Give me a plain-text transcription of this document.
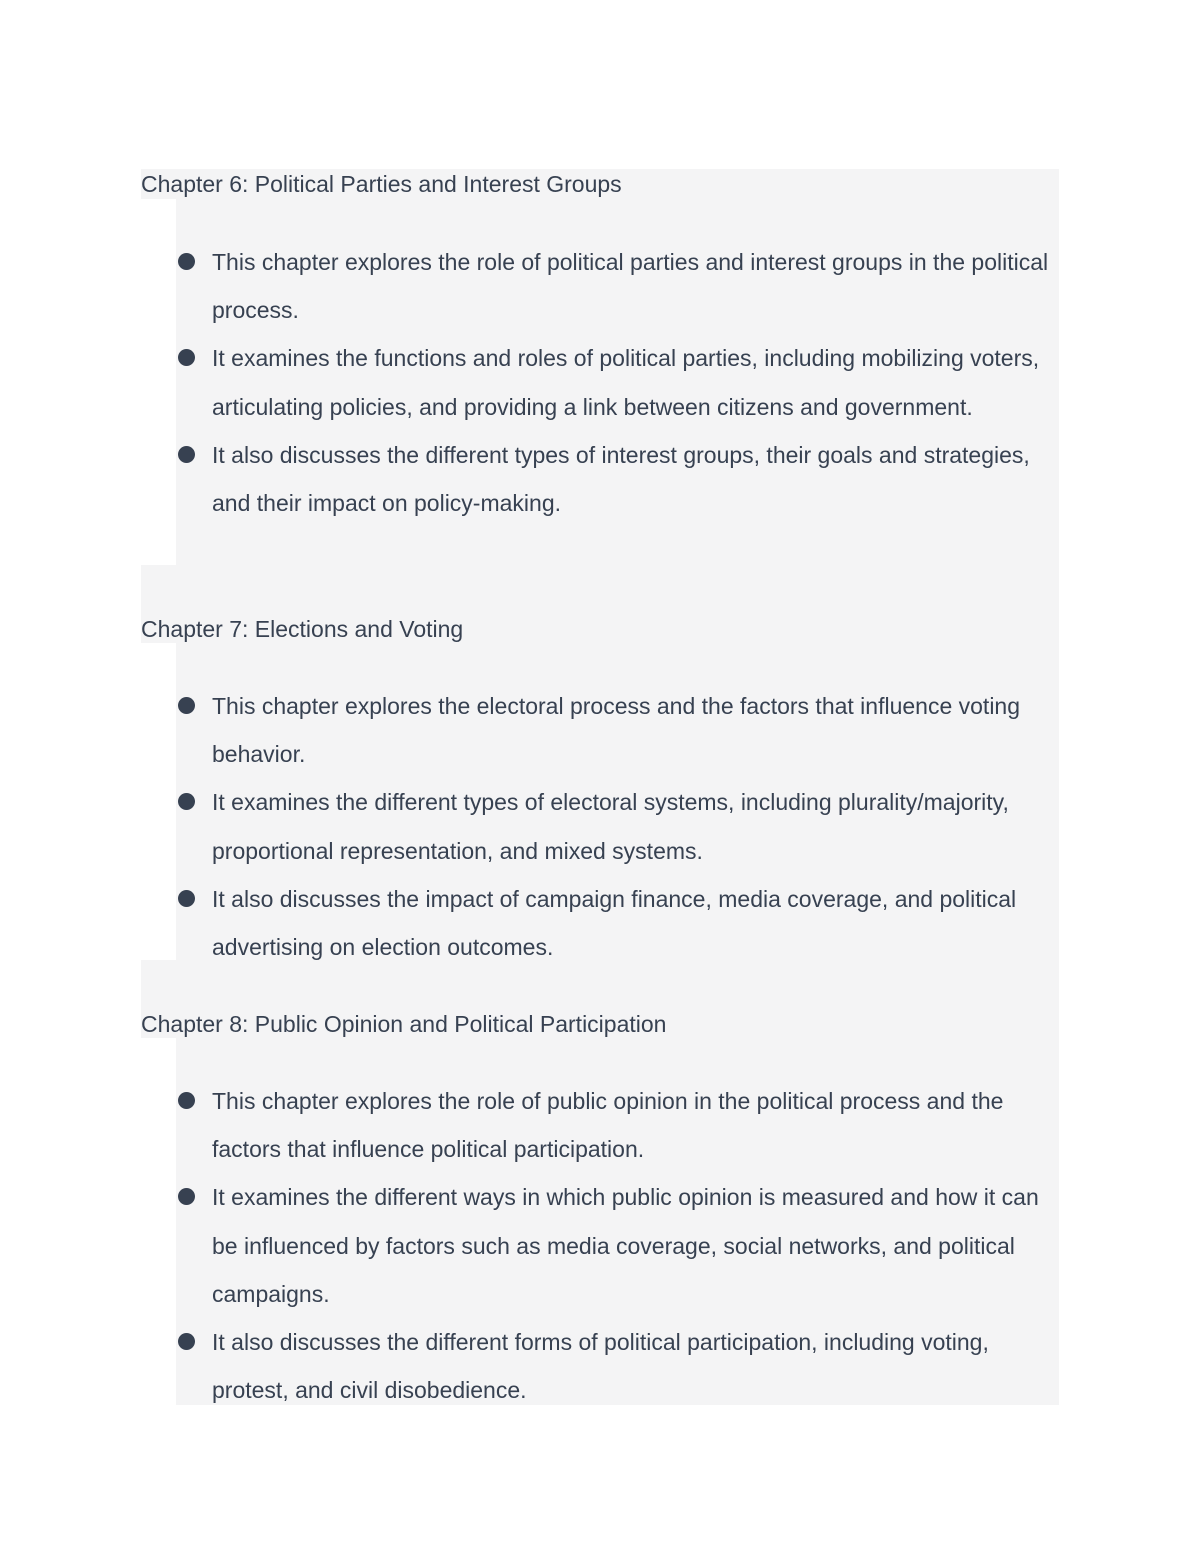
Chapter 6: Political Parties and Interest Groups
This chapter explores the role of political parties and interest groups in the political process.
It examines the functions and roles of political parties, including mobilizing voters, articulating policies, and providing a link between citizens and government.
It also discusses the different types of interest groups, their goals and strategies, and their impact on policy-making.
Chapter 7: Elections and Voting
This chapter explores the electoral process and the factors that influence voting behavior.
It examines the different types of electoral systems, including plurality/majority, proportional representation, and mixed systems.
It also discusses the impact of campaign finance, media coverage, and political advertising on election outcomes.
Chapter 8: Public Opinion and Political Participation
This chapter explores the role of public opinion in the political process and the factors that influence political participation.
It examines the different ways in which public opinion is measured and how it can be influenced by factors such as media coverage, social networks, and political campaigns.
It also discusses the different forms of political participation, including voting, protest, and civil disobedience.
